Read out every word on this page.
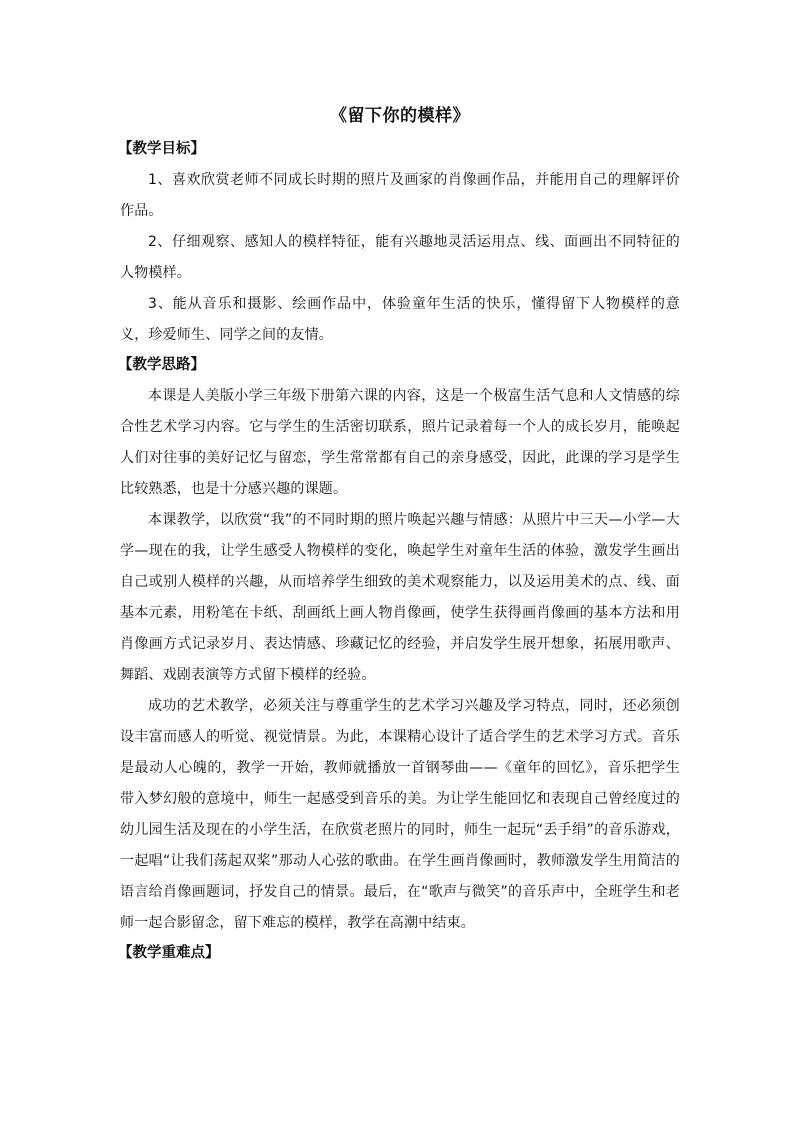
《留下你的模样》
【教学目标】

1、喜欢欣赏老师不同成长时期的照片及画家的肖像画作品，并能用自己的理解评价作品。

2、仔细观察、感知人的模样特征，能有兴趣地灵活运用点、线、面画出不同特征的人物模样。

3、能从音乐和摄影、绘画作品中，体验童年生活的快乐，懂得留下人物模样的意义，珍爱师生、同学之间的友情。

【教学思路】

本课是人美版小学三年级下册第六课的内容，这是一个极富生活气息和人文情感的综合性艺术学习内容。它与学生的生活密切联系，照片记录着每一个人的成长岁月，能唤起人们对往事的美好记忆与留恋，学生常常都有自己的亲身感受，因此，此课的学习是学生比较熟悉，也是十分感兴趣的课题。

本课教学，以欣赏“我”的不同时期的照片唤起兴趣与情感：从照片中三天—小学—大学—现在的我，让学生感受人物模样的变化，唤起学生对童年生活的体验，激发学生画出自己或别人模样的兴趣，从而培养学生细致的美术观察能力，以及运用美术的点、线、面基本元素，用粉笔在卡纸、刮画纸上画人物肖像画，使学生获得画肖像画的基本方法和用肖像画方式记录岁月、表达情感、珍藏记忆的经验，并启发学生展开想象，拓展用歌声、舞蹈、戏剧表演等方式留下模样的经验。

成功的艺术教学，必须关注与尊重学生的艺术学习兴趣及学习特点，同时，还必须创设丰富而感人的听觉、视觉情景。为此，本课精心设计了适合学生的艺术学习方式。音乐是最动人心魄的，教学一开始，教师就播放一首钢琴曲——《童年的回忆》，音乐把学生带入梦幻般的意境中，师生一起感受到音乐的美。为让学生能回忆和表现自己曾经度过的幼儿园生活及现在的小学生活，在欣赏老照片的同时，师生一起玩“丢手绢”的音乐游戏，一起唱“让我们荡起双桨”那动人心弦的歌曲。在学生画肖像画时，教师激发学生用简洁的语言给肖像画题词，抒发自己的情景。最后，在“歌声与微笑”的音乐声中，全班学生和老师一起合影留念，留下难忘的模样，教学在高潮中结束。

【教学重难点】
